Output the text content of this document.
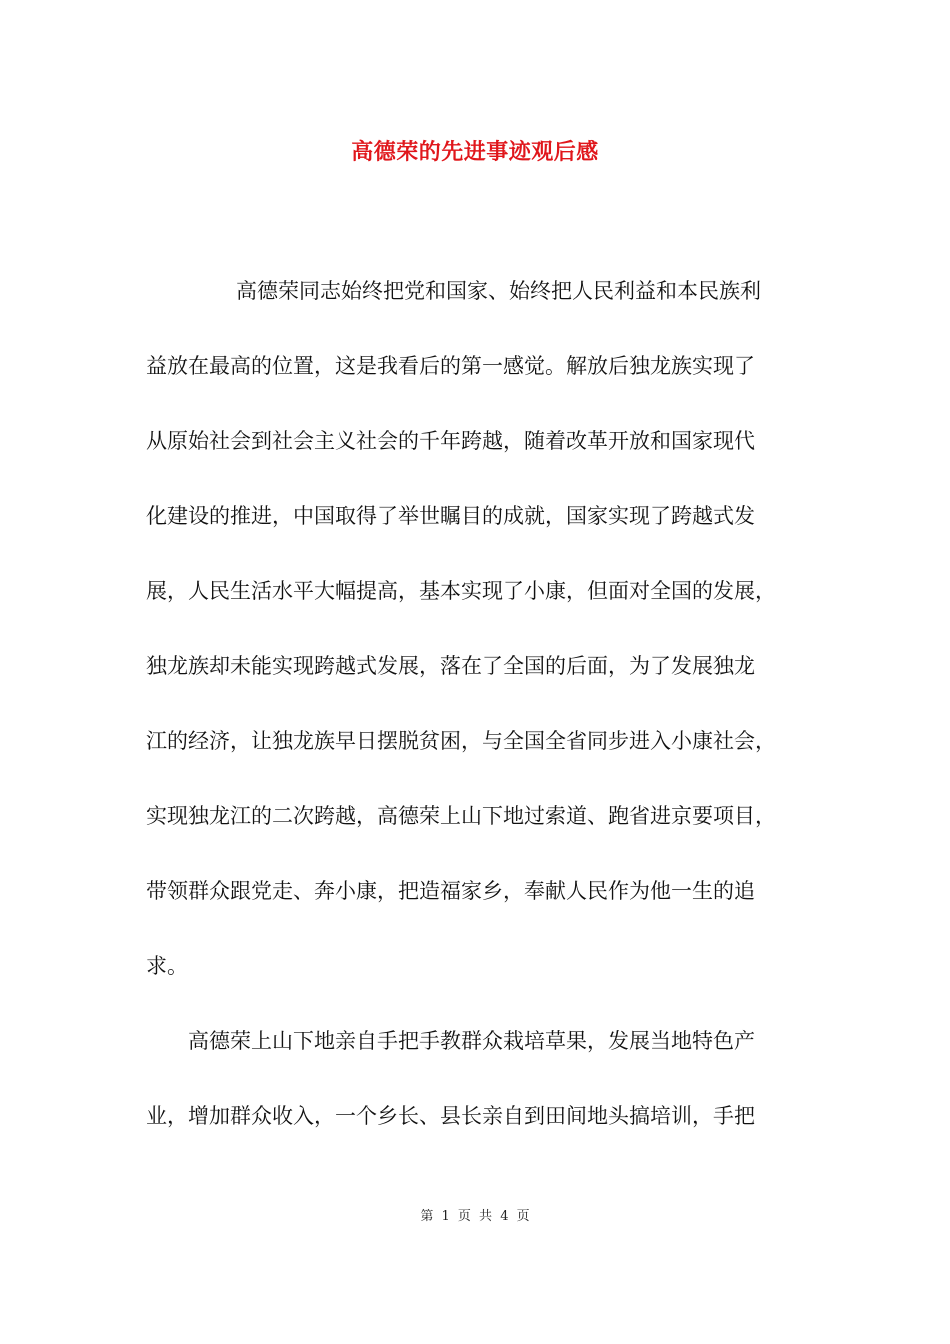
高德荣的先进事迹观后感
高德荣同志始终把党和国家、始终把人民利益和本民族利
益放在最高的位置，这是我看后的第一感觉。解放后独龙族实现了
从原始社会到社会主义社会的千年跨越，随着改革开放和国家现代
化建设的推进，中国取得了举世瞩目的成就，国家实现了跨越式发
展，人民生活水平大幅提高，基本实现了小康，但面对全国的发展，
独龙族却未能实现跨越式发展，落在了全国的后面，为了发展独龙
江的经济，让独龙族早日摆脱贫困，与全国全省同步进入小康社会，
实现独龙江的二次跨越，高德荣上山下地过索道、跑省进京要项目，
带领群众跟党走、奔小康，把造福家乡，奉献人民作为他一生的追
求。
高德荣上山下地亲自手把手教群众栽培草果，发展当地特色产
业，增加群众收入，一个乡长、县长亲自到田间地头搞培训，手把
第 1 页 共 4 页
